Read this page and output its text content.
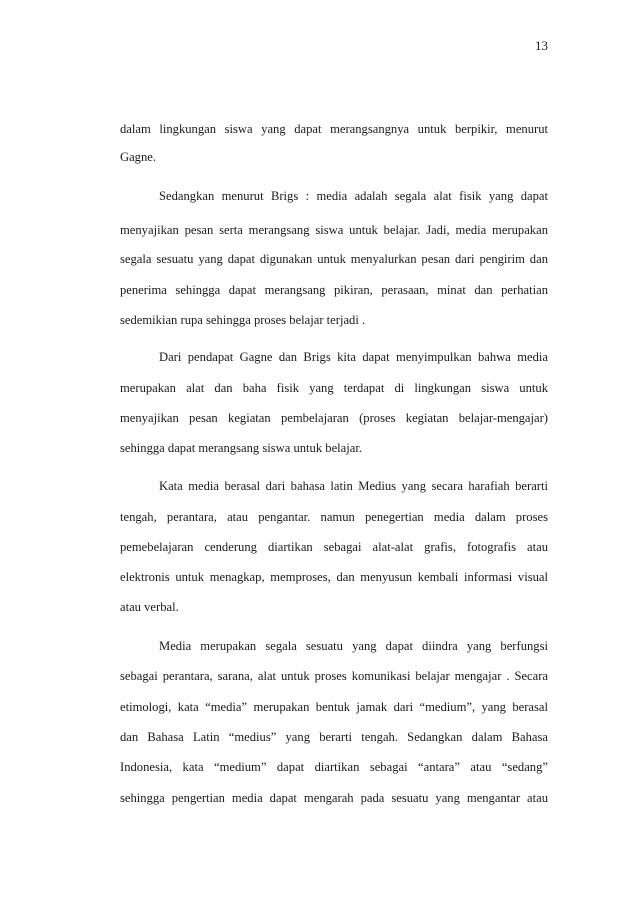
13
dalam lingkungan siswa yang dapat merangsangnya untuk berpikir, menurut
Gagne.
Sedangkan menurut Brigs : media adalah segala alat fisik yang dapat
menyajikan pesan serta merangsang siswa untuk belajar. Jadi, media merupakan
segala sesuatu yang dapat digunakan untuk menyalurkan pesan dari pengirim dan
penerima sehingga dapat merangsang pikiran, perasaan, minat dan perhatian
sedemikian rupa sehingga proses belajar terjadi .
Dari pendapat Gagne dan Brigs kita dapat menyimpulkan bahwa media
merupakan alat dan baha fisik yang terdapat di lingkungan siswa untuk
menyajikan pesan kegiatan pembelajaran (proses kegiatan belajar-mengajar)
sehingga dapat merangsang siswa untuk belajar.
Kata media berasal dari bahasa latin Medius yang secara harafiah berarti
tengah, perantara, atau pengantar. namun penegertian media dalam proses
pemebelajaran cenderung diartikan sebagai alat-alat grafis, fotografis atau
elektronis untuk menagkap, memproses, dan menyusun kembali informasi visual
atau verbal.
Media merupakan segala sesuatu yang dapat diindra yang berfungsi
sebagai perantara, sarana, alat untuk proses komunikasi belajar mengajar . Secara
etimologi, kata “media” merupakan bentuk jamak dari “medium”, yang berasal
dan Bahasa Latin “medius” yang berarti tengah. Sedangkan dalam Bahasa
Indonesia, kata “medium” dapat diartikan sebagai “antara” atau “sedang”
sehingga pengertian media dapat mengarah pada sesuatu yang mengantar atau
